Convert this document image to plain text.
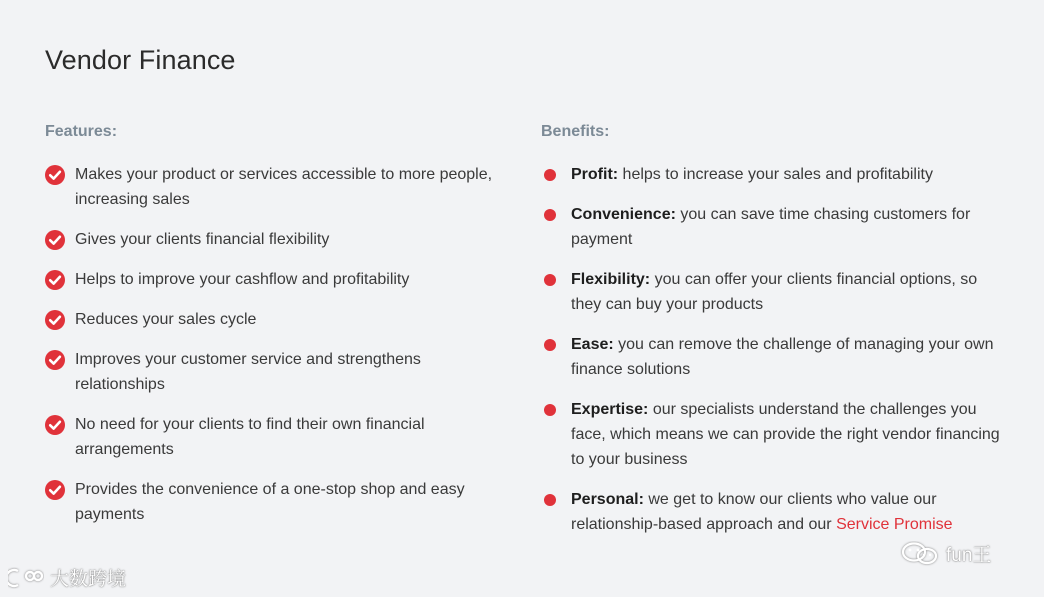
Vendor Finance
Features:
Makes your product or services accessible to more people, increasing sales
Gives your clients financial flexibility
Helps to improve your cashflow and profitability
Reduces your sales cycle
Improves your customer service and strengthens relationships
No need for your clients to find their own financial arrangements
Provides the convenience of a one-stop shop and easy payments
Benefits:
Profit: helps to increase your sales and profitability
Convenience: you can save time chasing customers for payment
Flexibility: you can offer your clients financial options, so they can buy your products
Ease: you can remove the challenge of managing your own finance solutions
Expertise: our specialists understand the challenges you face, which means we can provide the right vendor financing to your business
Personal: we get to know our clients who value our relationship-based approach and our Service Promise
大数跨境
fun王
